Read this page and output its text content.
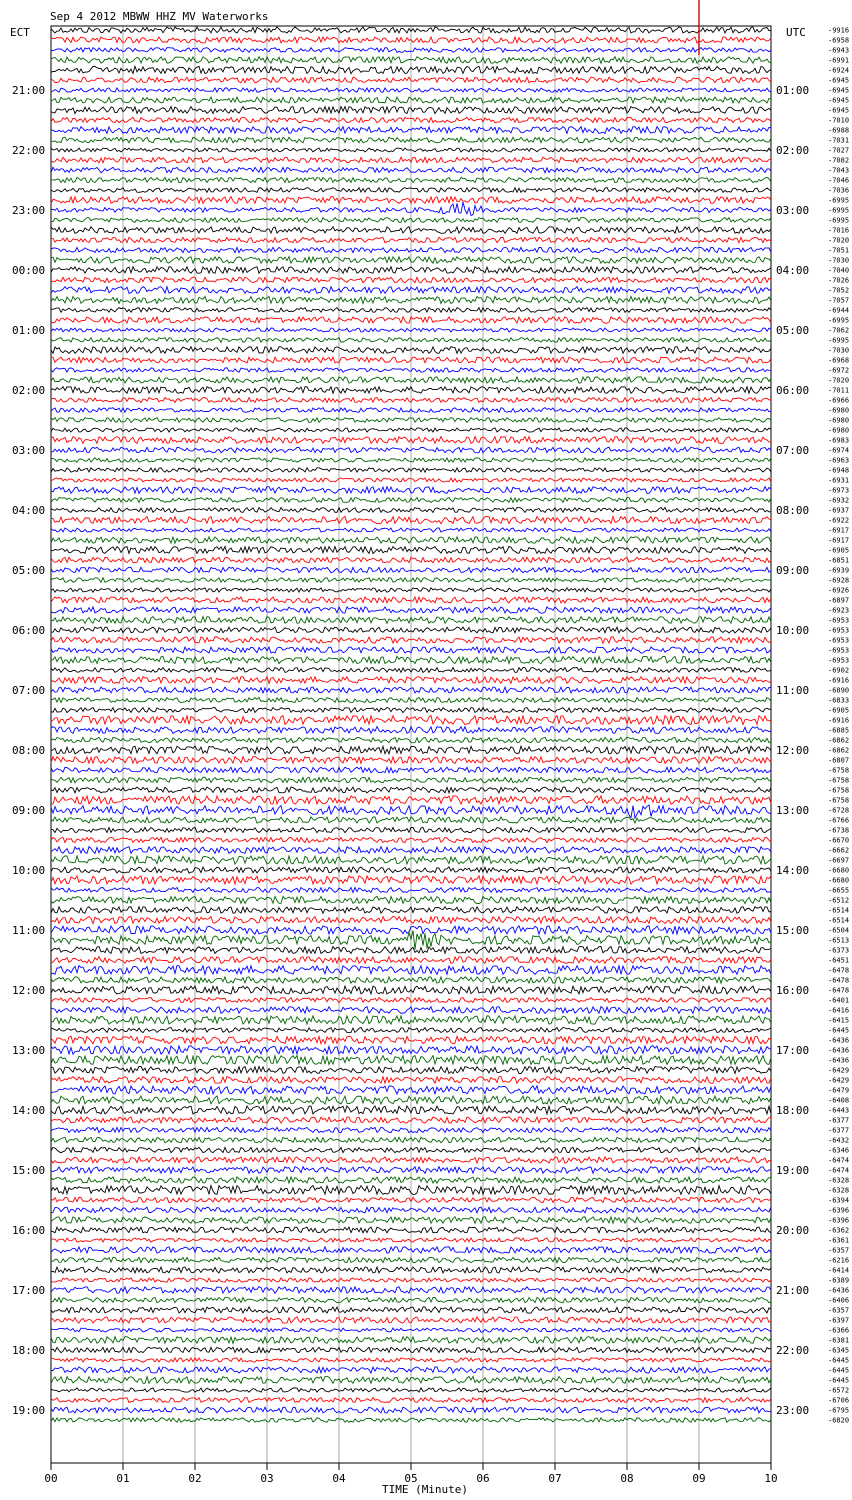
Sep 4 2012 MBWW HHZ MV Waterworks
ECT	UTC
00	01	02	03	04	05	06	07	08	09	10
-9916
-6958
-6943
-6991
-6924
-6945
-6945
-6945
-6945
-7010
-6988
-7031
-7027
-7082
-7043
-7046
-7036
-6995
-6995
-6995
-7016
-7020
-7051
-7030
-7040
-7026
-7052
-7057
-6944
-6995
-7062
-6995
-7030
-6968
-6972
-7020
-7011
-6966
-6980
-6980
-6980
-6983
-6974
-6963
-6948
-6931
-6973
-6932
-6937
-6922
-6917
-6917
-6905
-6851
-6939
-6928
-6926
-6897
-6923
-6953
-6953
-6953
-6953
-6953
-6902
-6916
-6890
-6833
-6905
-6916
-6885
-6862
-6862
-6807
-6758
-6758
-6758
-6758
-6728
-6766
-6738
-6670
-6662
-6697
-6680
-6680
-6655
-6512
-6514
-6514
-6504
-6513
-6373
-6451
-6478
-6478
-6478
-6401
-6416
-6415
-6445
-6436
-6436
-6436
-6429
-6429
-6479
-6408
-6443
-6377
-6377
-6432
-6346
-6474
-6474
-6328
-6328
-6394
-6396
-6396
-6362
-6361
-6357
-6216
-6414
-6389
-6436
-6406
-6357
-6397
-6366
-6381
-6345
-6445
-6445
-6445
-6572
-6706
-6795
-6820
21:00	01:00
22:00	02:00
23:00	03:00
00:00	04:00
01:00	05:00
02:00	06:00
03:00	07:00
04:00	08:00
05:00	09:00
06:00	10:00
07:00	11:00
08:00	12:00
09:00	13:00
10:00	14:00
11:00	15:00
12:00	16:00
13:00	17:00
14:00	18:00
15:00	19:00
16:00	20:00
17:00	21:00
18:00	22:00
19:00	23:00
TIME (Minute)
